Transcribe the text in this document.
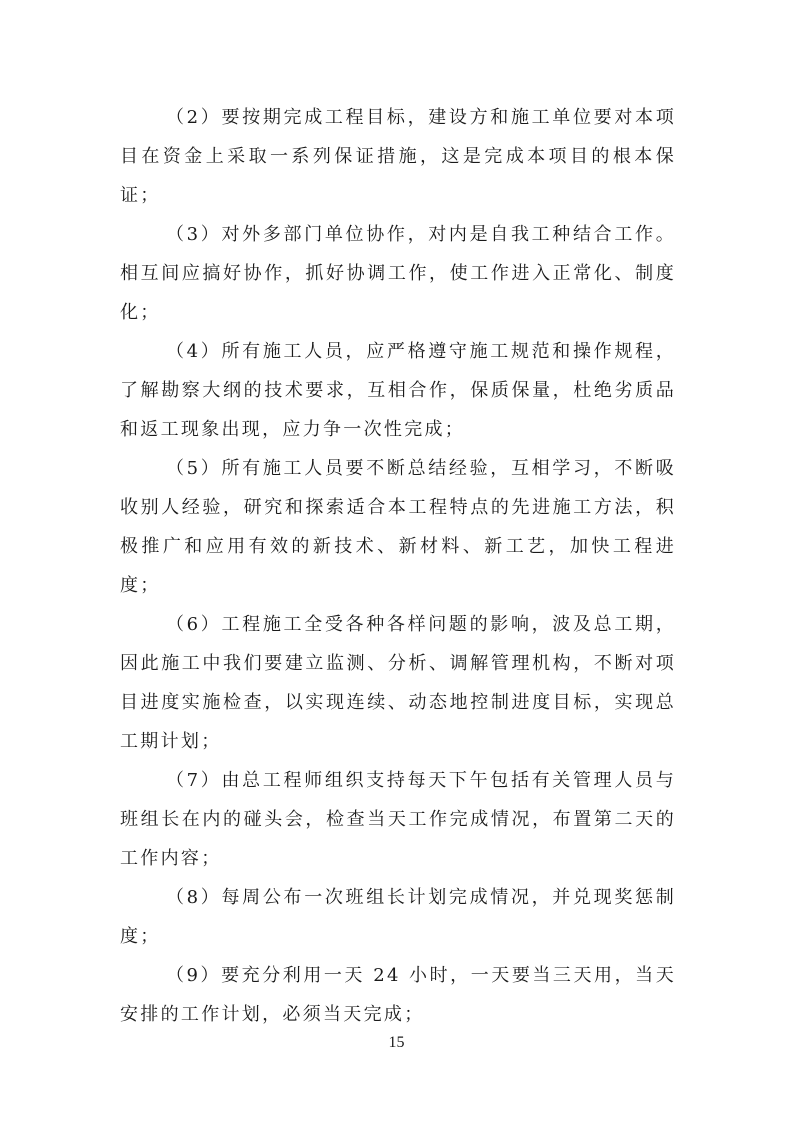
（2）要按期完成工程目标，建设方和施工单位要对本项目在资金上采取一系列保证措施，这是完成本项目的根本保证；

（3）对外多部门单位协作，对内是自我工种结合工作。相互间应搞好协作，抓好协调工作，使工作进入正常化、制度化；

（4）所有施工人员，应严格遵守施工规范和操作规程，了解勘察大纲的技术要求，互相合作，保质保量，杜绝劣质品和返工现象出现，应力争一次性完成；

（5）所有施工人员要不断总结经验，互相学习，不断吸收别人经验，研究和探索适合本工程特点的先进施工方法，积极推广和应用有效的新技术、新材料、新工艺，加快工程进度；

（6）工程施工全受各种各样问题的影响，波及总工期，因此施工中我们要建立监测、分析、调解管理机构，不断对项目进度实施检查，以实现连续、动态地控制进度目标，实现总工期计划；

（7）由总工程师组织支持每天下午包括有关管理人员与班组长在内的碰头会，检查当天工作完成情况，布置第二天的工作内容；

（8）每周公布一次班组长计划完成情况，并兑现奖惩制度；

（9）要充分利用一天 24 小时，一天要当三天用，当天安排的工作计划，必须当天完成；

15
